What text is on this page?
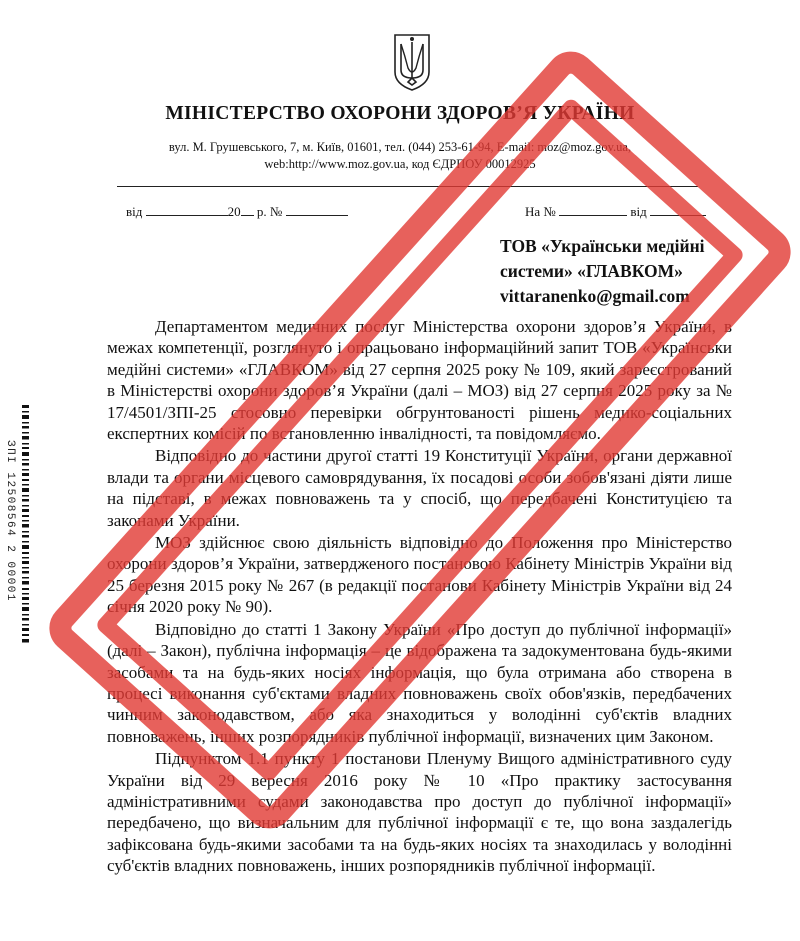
МІНІСТЕРСТВО ОХОРОНИ ЗДОРОВ’Я УКРАЇНИ
вул. М. Грушевського, 7, м. Київ, 01601, тел. (044) 253-61-94, E-mail: moz@moz.gov.ua,
web:http://www.moz.gov.ua, код ЄДРПОУ 00012925
від	20 р. №	На №	від
ТОВ «Українськи медійні
системи» «ГЛАВКОМ»
vittaranenko@gmail.com

Департаментом медичних послуг Міністерства охорони здоров’я України, в межах компетенції, розглянуто і опрацьовано інформаційний запит ТОВ «Українськи медійні системи» «ГЛАВКОМ» від 27 серпня 2025 року № 109, який зареєстрований в Міністерстві охорони здоров’я України (далі – МОЗ) від 27 серпня 2025 року за № 17/4501/ЗПІ-25 стосовно перевірки обгрунтованості рішень медико-соціальних експертних комісій по встановленню інвалідності, та повідомляємо.

Відповідно до частини другої статті 19 Конституції України, органи державної влади та органи місцевого самоврядування, їх посадові особи зобов'язані діяти лише на підставі, в межах повноважень та у спосіб, що передбачені Конституцією та законами України.

МОЗ здійснює свою діяльність відповідно до Положення про Міністерство охорони здоров’я України, затвердженого постановою Кабінету Міністрів України від 25 березня 2015 року № 267 (в редакції постанови Кабінету Міністрів України від 24 січня 2020 року № 90).

Відповідно до статті 1 Закону України «Про доступ до публічної інформації» (далі – Закон), публічна інформація – це відображена та задокументована будь-якими засобами та на будь-яких носіях інформація, що була отримана або створена в процесі виконання суб'єктами владних повноважень своїх обов'язків, передбачених чинним законодавством, або яка знаходиться у володінні суб'єктів владних повноважень, інших розпорядників публічної інформації, визначених цим Законом.

Підпунктом 1.1 пункту 1 постанови Пленуму Вищого адміністративного суду України від 29 вересня 2016 року № 10 «Про практику застосування адміністративними судами законодавства про доступ до публічної інформації» передбачено, що визначальним для публічної інформації є те, що вона заздалегідь зафіксована будь-якими засобами та на будь-яких носіях та знаходилась у володінні суб'єктів владних повноважень, інших розпорядників публічної інформації.

ЗПІ 12508564 2 00001
